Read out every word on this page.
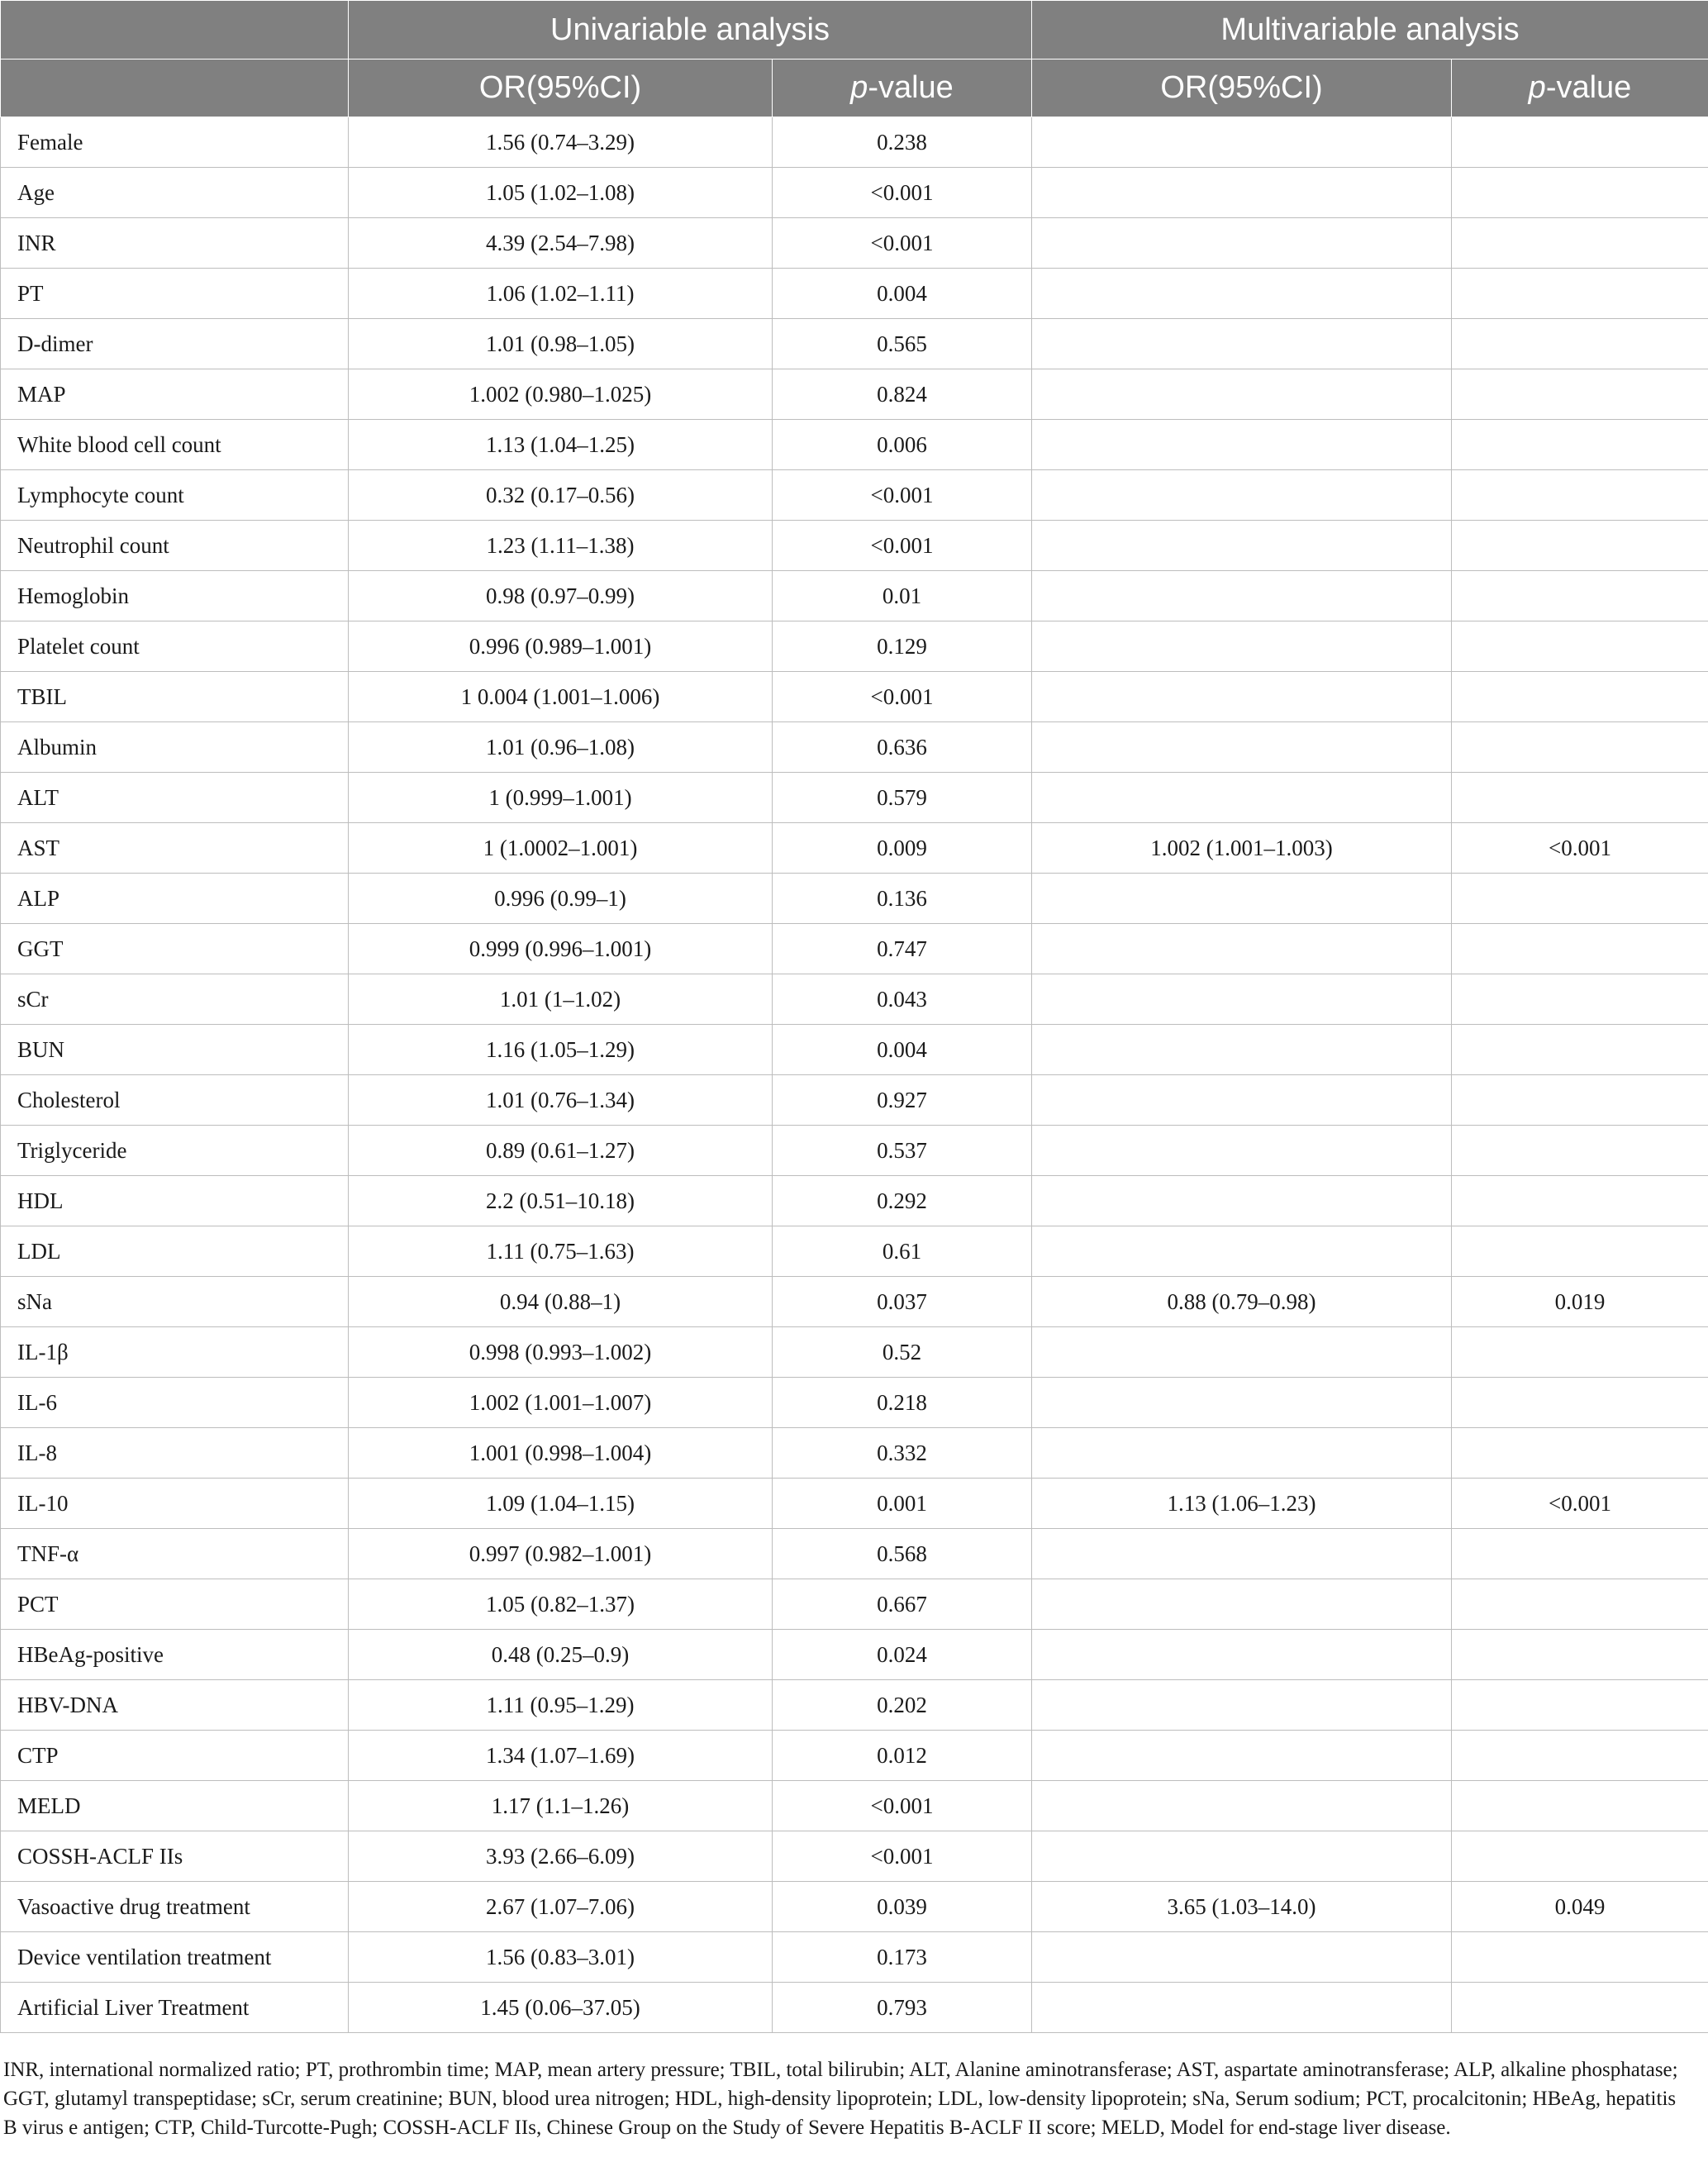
	Univariable analysis		Multivariable analysis	
	OR(95%CI)	p-value	OR(95%CI)	p-value
Female	1.56 (0.74–3.29)	0.238		
Age	1.05 (1.02–1.08)	<0.001		
INR	4.39 (2.54–7.98)	<0.001		
PT	1.06 (1.02–1.11)	0.004		
D-dimer	1.01 (0.98–1.05)	0.565		
MAP	1.002 (0.980–1.025)	0.824		
White blood cell count	1.13 (1.04–1.25)	0.006		
Lymphocyte count	0.32 (0.17–0.56)	<0.001		
Neutrophil count	1.23 (1.11–1.38)	<0.001		
Hemoglobin	0.98 (0.97–0.99)	0.01		
Platelet count	0.996 (0.989–1.001)	0.129		
TBIL	1 0.004 (1.001–1.006)	<0.001		
Albumin	1.01 (0.96–1.08)	0.636		
ALT	1 (0.999–1.001)	0.579		
AST	1 (1.0002–1.001)	0.009	1.002 (1.001–1.003)	<0.001
ALP	0.996 (0.99–1)	0.136		
GGT	0.999 (0.996–1.001)	0.747		
sCr	1.01 (1–1.02)	0.043		
BUN	1.16 (1.05–1.29)	0.004		
Cholesterol	1.01 (0.76–1.34)	0.927		
Triglyceride	0.89 (0.61–1.27)	0.537		
HDL	2.2 (0.51–10.18)	0.292		
LDL	1.11 (0.75–1.63)	0.61		
sNa	0.94 (0.88–1)	0.037	0.88 (0.79–0.98)	0.019
IL-1β	0.998 (0.993–1.002)	0.52		
IL-6	1.002 (1.001–1.007)	0.218		
IL-8	1.001 (0.998–1.004)	0.332		
IL-10	1.09 (1.04–1.15)	0.001	1.13 (1.06–1.23)	<0.001
TNF-α	0.997 (0.982–1.001)	0.568		
PCT	1.05 (0.82–1.37)	0.667		
HBeAg-positive	0.48 (0.25–0.9)	0.024		
HBV-DNA	1.11 (0.95–1.29)	0.202		
CTP	1.34 (1.07–1.69)	0.012		
MELD	1.17 (1.1–1.26)	<0.001		
COSSH-ACLF IIs	3.93 (2.66–6.09)	<0.001		
Vasoactive drug treatment	2.67 (1.07–7.06)	0.039	3.65 (1.03–14.0)	0.049
Device ventilation treatment	1.56 (0.83–3.01)	0.173		
Artificial Liver Treatment	1.45 (0.06–37.05)	0.793		
INR, international normalized ratio; PT, prothrombin time; MAP, mean artery pressure; TBIL, total bilirubin; ALT, Alanine aminotransferase; AST, aspartate aminotransferase; ALP, alkaline phosphatase; GGT, glutamyl transpeptidase; sCr, serum creatinine; BUN, blood urea nitrogen; HDL, high-density lipoprotein; LDL, low-density lipoprotein; sNa, Serum sodium; PCT, procalcitonin; HBeAg, hepatitis B virus e antigen; CTP, Child-Turcotte-Pugh; COSSH-ACLF IIs, Chinese Group on the Study of Severe Hepatitis B-ACLF II score; MELD, Model for end-stage liver disease.
